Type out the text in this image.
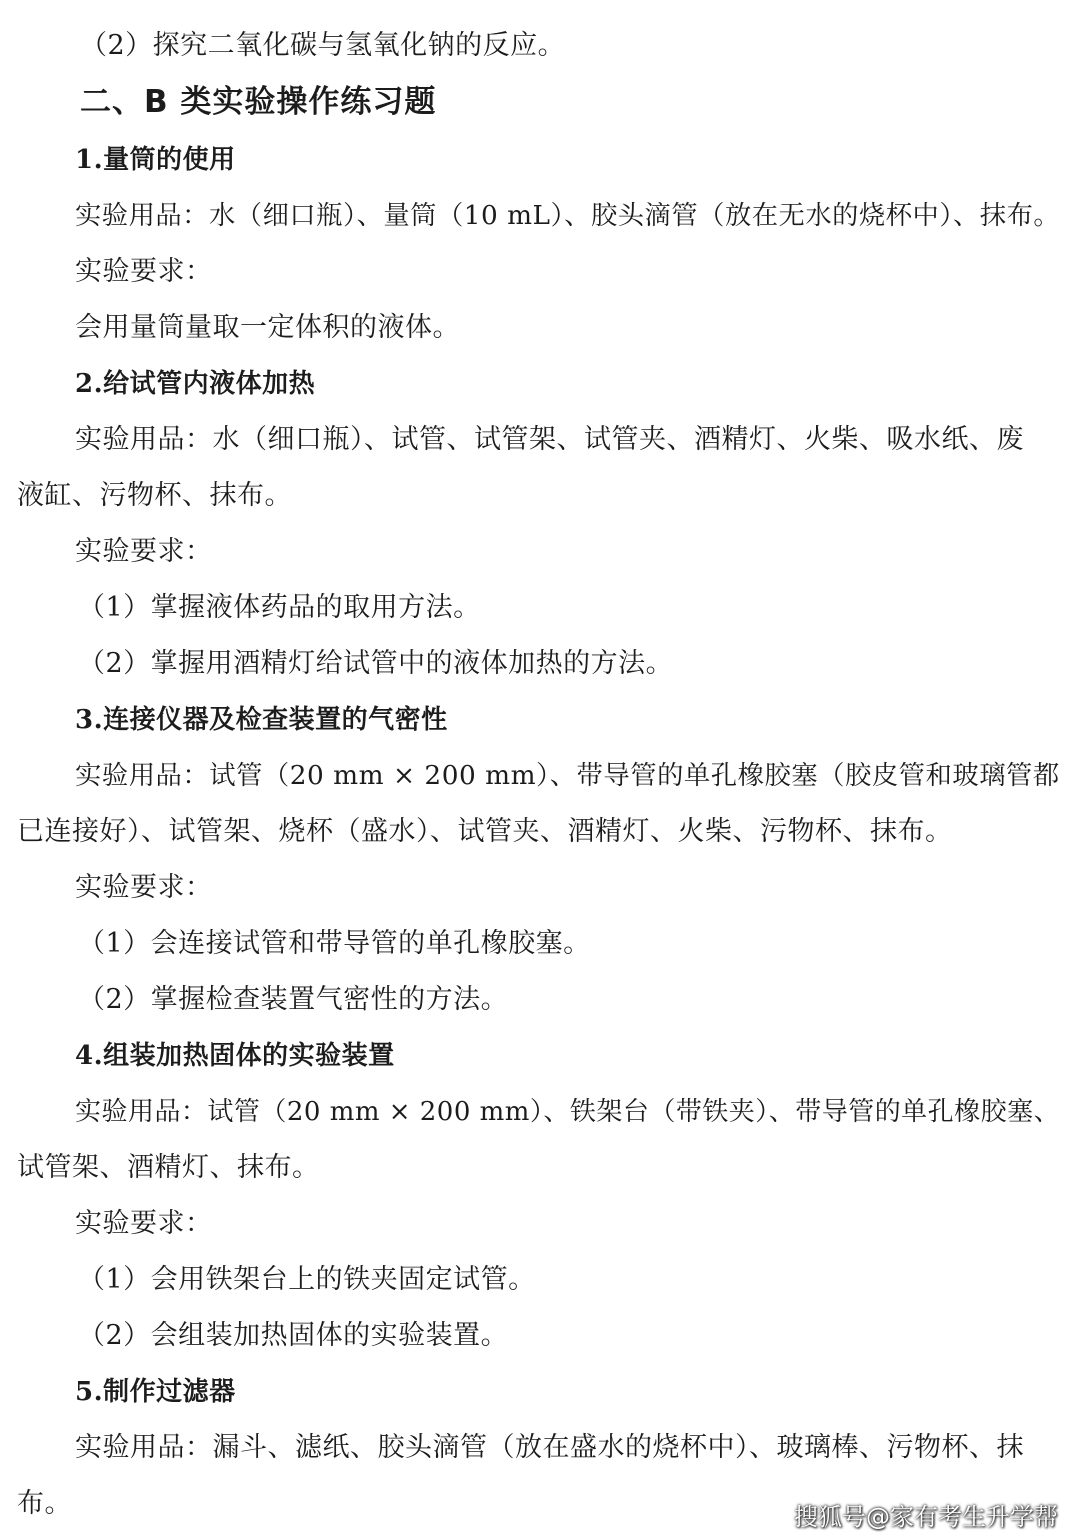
（2）探究二氧化碳与氢氧化钠的反应。
二、B 类实验操作练习题
1.量筒的使用
实验用品：水（细口瓶）、量筒（10 mL）、胶头滴管（放在无水的烧杯中）、抹布。
实验要求：
会用量筒量取一定体积的液体。
2.给试管内液体加热
实验用品：水（细口瓶）、试管、试管架、试管夹、酒精灯、火柴、吸水纸、废
液缸、污物杯、抹布。
实验要求：
（1）掌握液体药品的取用方法。
（2）掌握用酒精灯给试管中的液体加热的方法。
3.连接仪器及检查装置的气密性
实验用品：试管（20 mm × 200 mm）、带导管的单孔橡胶塞（胶皮管和玻璃管都
已连接好）、试管架、烧杯（盛水）、试管夹、酒精灯、火柴、污物杯、抹布。
实验要求：
（1）会连接试管和带导管的单孔橡胶塞。
（2）掌握检查装置气密性的方法。
4.组装加热固体的实验装置
实验用品：试管（20 mm × 200 mm）、铁架台（带铁夹）、带导管的单孔橡胶塞、
试管架、酒精灯、抹布。
实验要求：
（1）会用铁架台上的铁夹固定试管。
（2）会组装加热固体的实验装置。
5.制作过滤器
实验用品：漏斗、滤纸、胶头滴管（放在盛水的烧杯中）、玻璃棒、污物杯、抹
布。	搜狐号@家有考生升学帮
